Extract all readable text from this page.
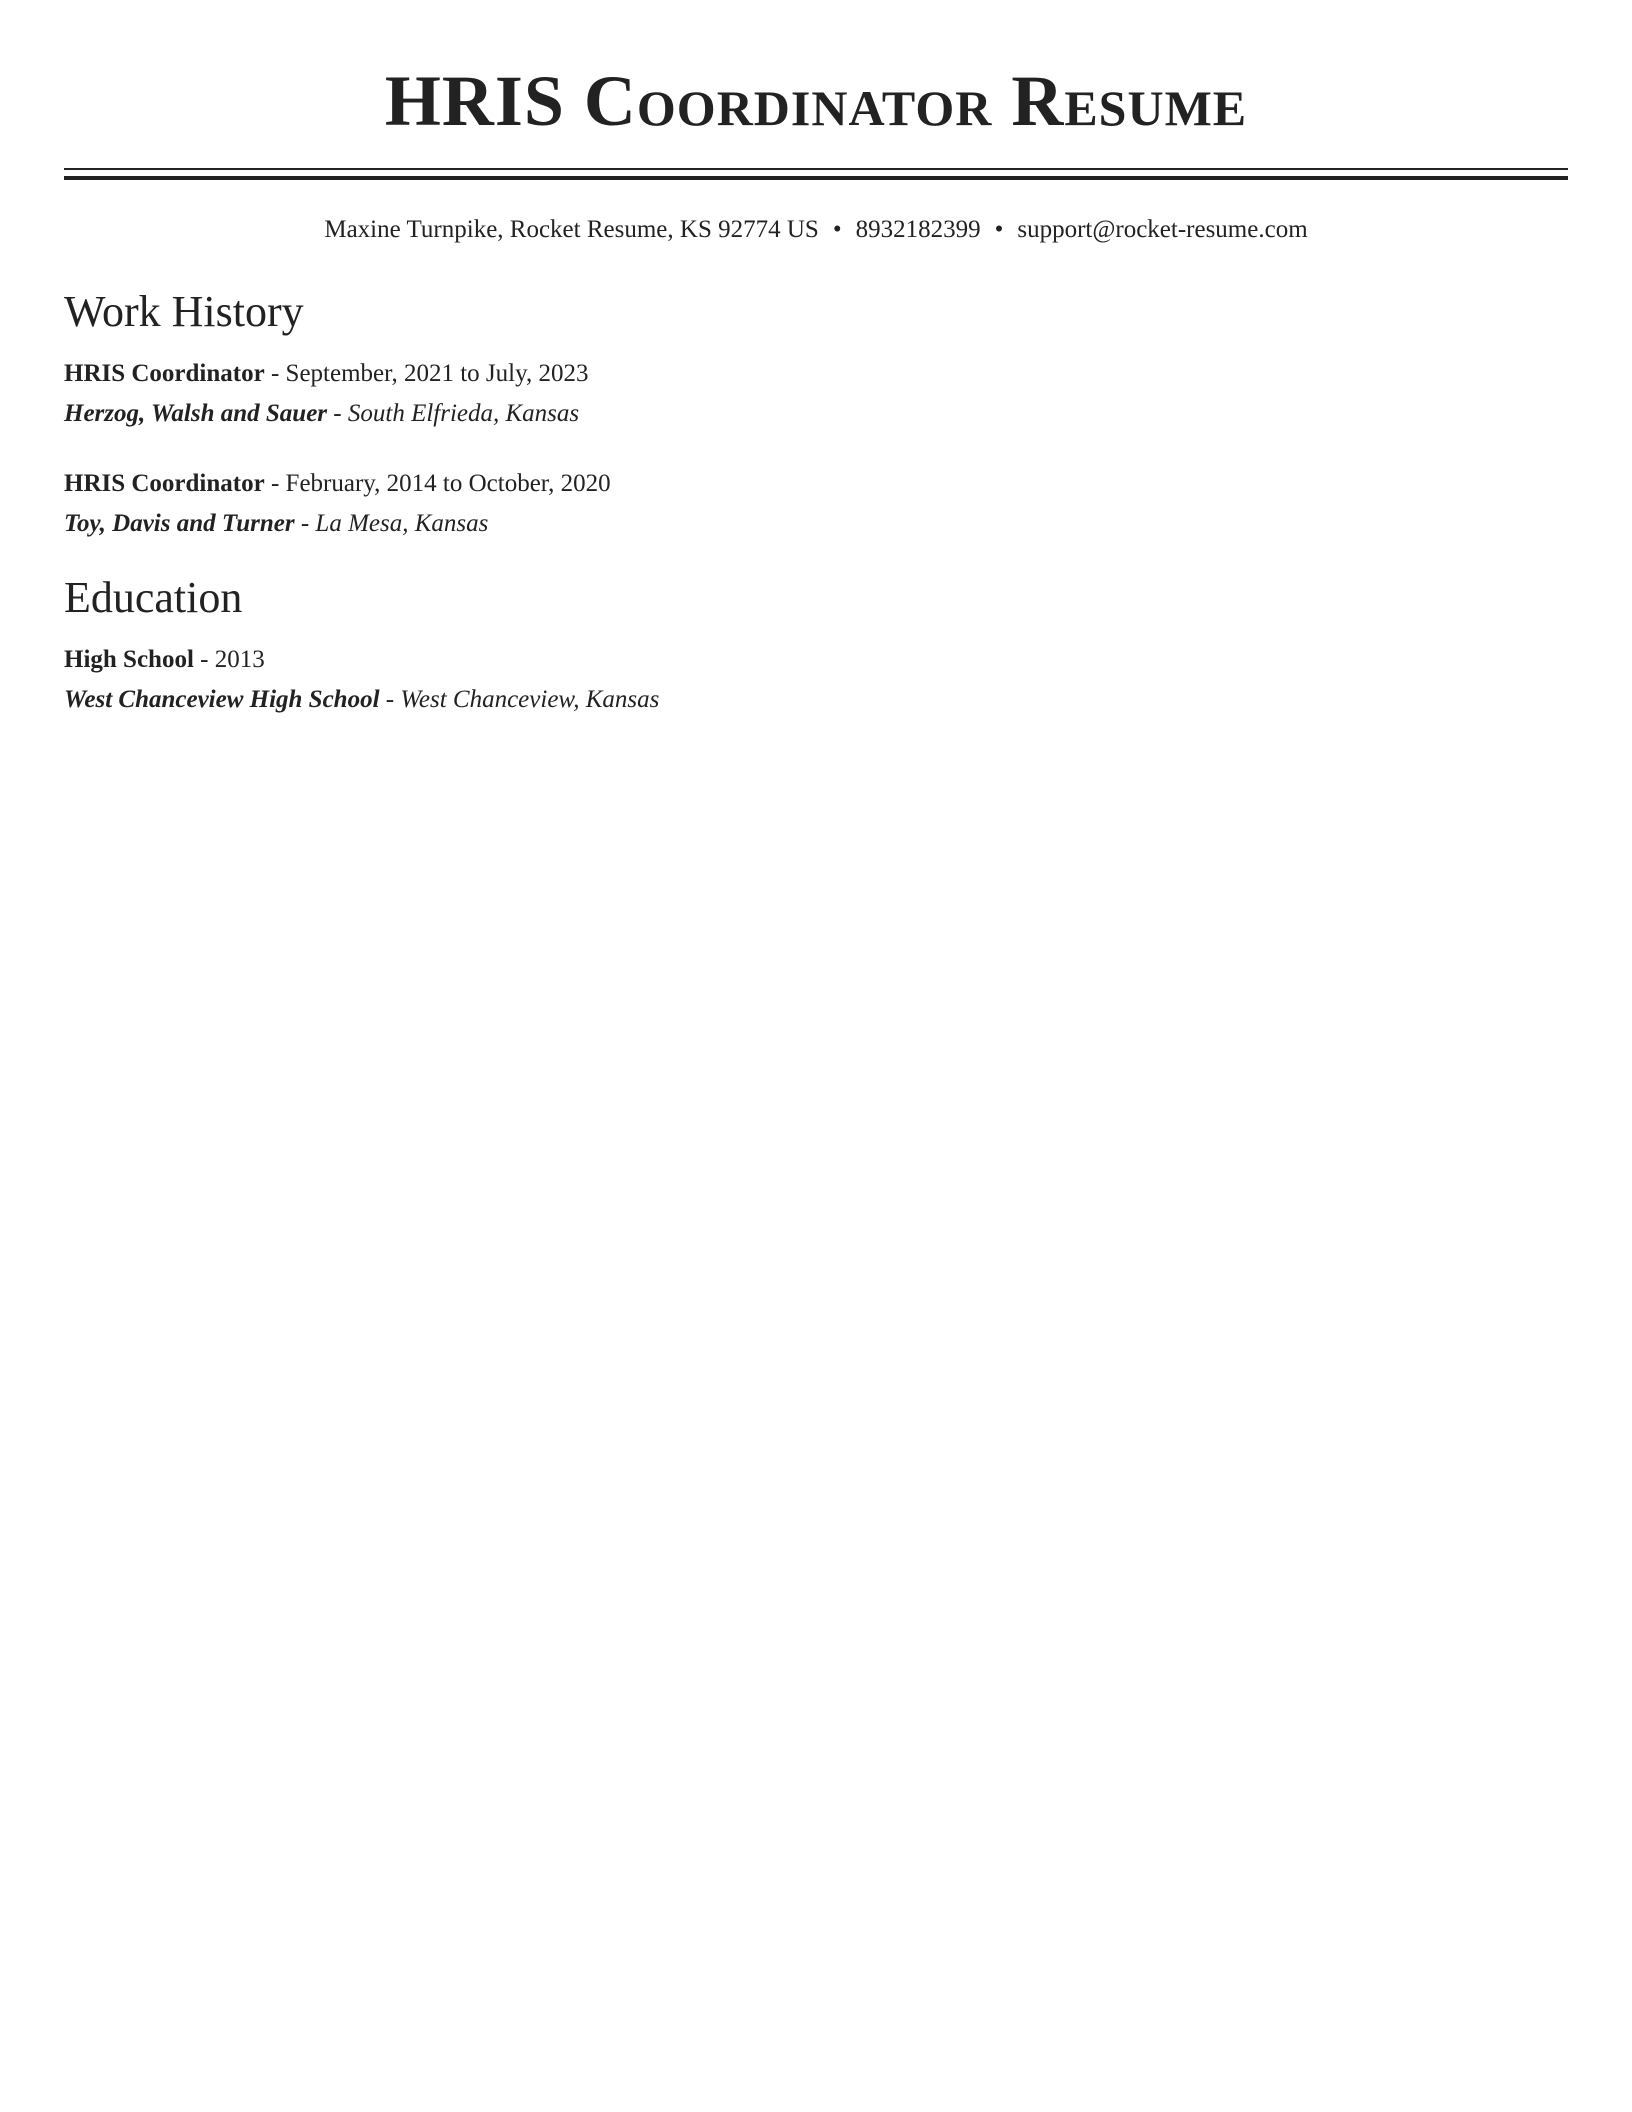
HRIS Coordinator Resume
Maxine Turnpike, Rocket Resume, KS 92774 US • 8932182399 • support@rocket-resume.com
Work History
HRIS Coordinator - September, 2021 to July, 2023
Herzog, Walsh and Sauer - South Elfrieda, Kansas
HRIS Coordinator - February, 2014 to October, 2020
Toy, Davis and Turner - La Mesa, Kansas
Education
High School - 2013
West Chanceview High School - West Chanceview, Kansas
